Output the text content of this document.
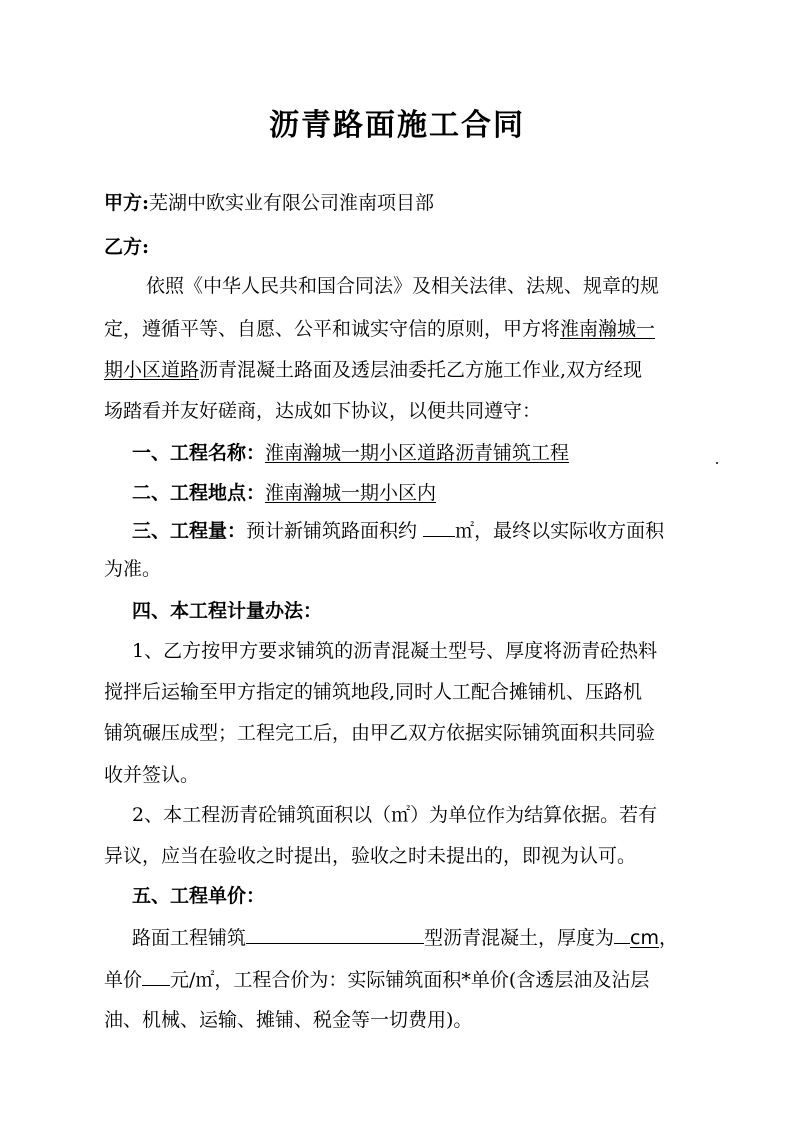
沥青路面施工合同
甲方:芜湖中欧实业有限公司淮南项目部
乙方:
依照《中华人民共和国合同法》及相关法律、法规、规章的规
定，遵循平等、自愿、公平和诚实守信的原则，甲方将淮南瀚城一
期小区道路沥青混凝土路面及透层油委托乙方施工作业,双方经现
场踏看并友好磋商，达成如下协议，以便共同遵守：
一、工程名称：淮南瀚城一期小区道路沥青铺筑工程
二、工程地点：淮南瀚城一期小区内
三、工程量：预计新铺筑路面积约 ㎡，最终以实际收方面积
为准。
四、本工程计量办法：
1、乙方按甲方要求铺筑的沥青混凝土型号、厚度将沥青砼热料
搅拌后运输至甲方指定的铺筑地段,同时人工配合摊铺机、压路机
铺筑碾压成型；工程完工后，由甲乙双方依据实际铺筑面积共同验
收并签认。
2、本工程沥青砼铺筑面积以（㎡）为单位作为结算依据。若有
异议，应当在验收之时提出，验收之时未提出的，即视为认可。
五、工程单价：
路面工程铺筑	型沥青混凝土，厚度为 cm，
单价 元/㎡，工程合价为：实际铺筑面积*单价(含透层油及沾层
油、机械、运输、摊铺、税金等一切费用)。
